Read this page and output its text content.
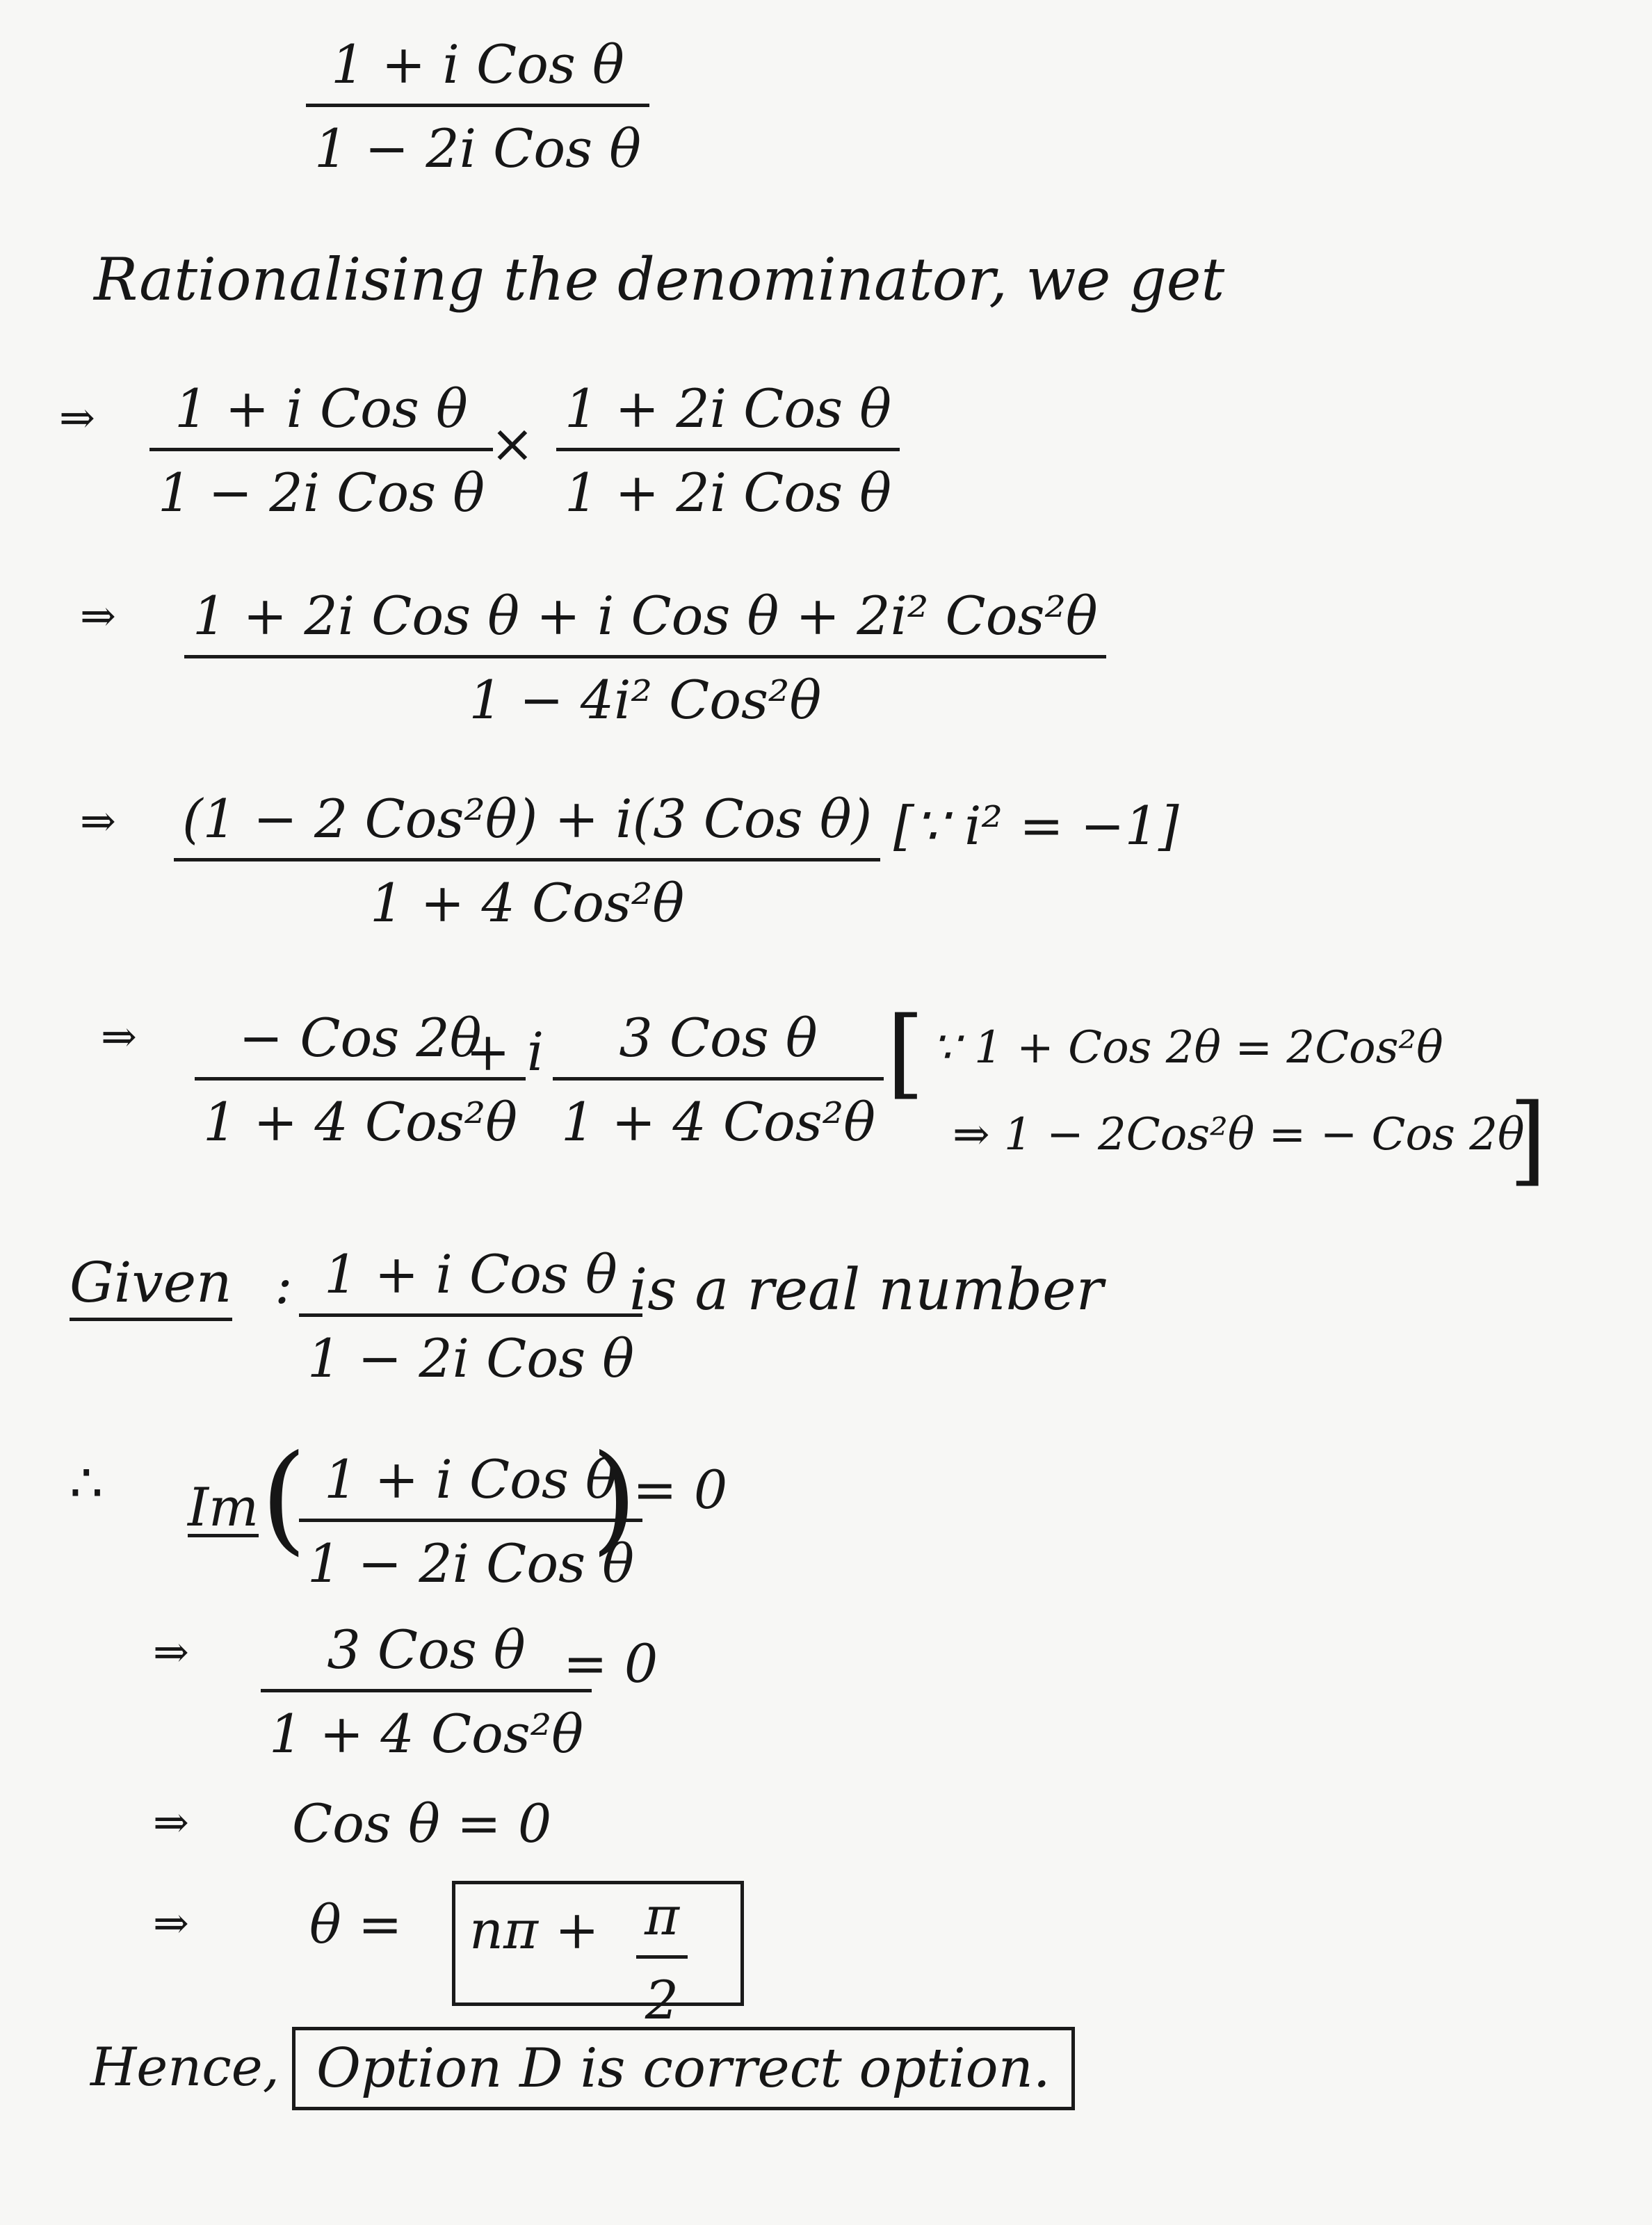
1 + i Cos θ
1 − 2i Cos θ
Rationalising the denominator, we get
⇒ 1 + i Cos θ
1 − 2i Cos θ
×
1 + 2i Cos θ
1 + 2i Cos θ
⇒ 1 + 2i Cos θ + i Cos θ + 2i² Cos²θ
1 − 4i² Cos²θ
⇒ (1 − 2 Cos²θ) + i(3 Cos θ)
1 + 4 Cos²θ
[∵ i² = −1]
⇒ − Cos 2θ
1 + 4 Cos²θ
+ i 3 Cos θ
1 + 4 Cos²θ
[ ∵ 1 + Cos 2θ = 2Cos²θ
⇒ 1 − 2Cos²θ = − Cos 2θ
]
Given : 1 + i Cos θ
1 − 2i Cos θ
is a real number
∴ Im ( 1 + i Cos θ
1 − 2i Cos θ
)
= 0
⇒	3 Cos θ
1 + 4 Cos²θ
= 0
⇒ Cos θ = 0
⇒ θ = nπ + π
2
Hence, Option D is correct option.
